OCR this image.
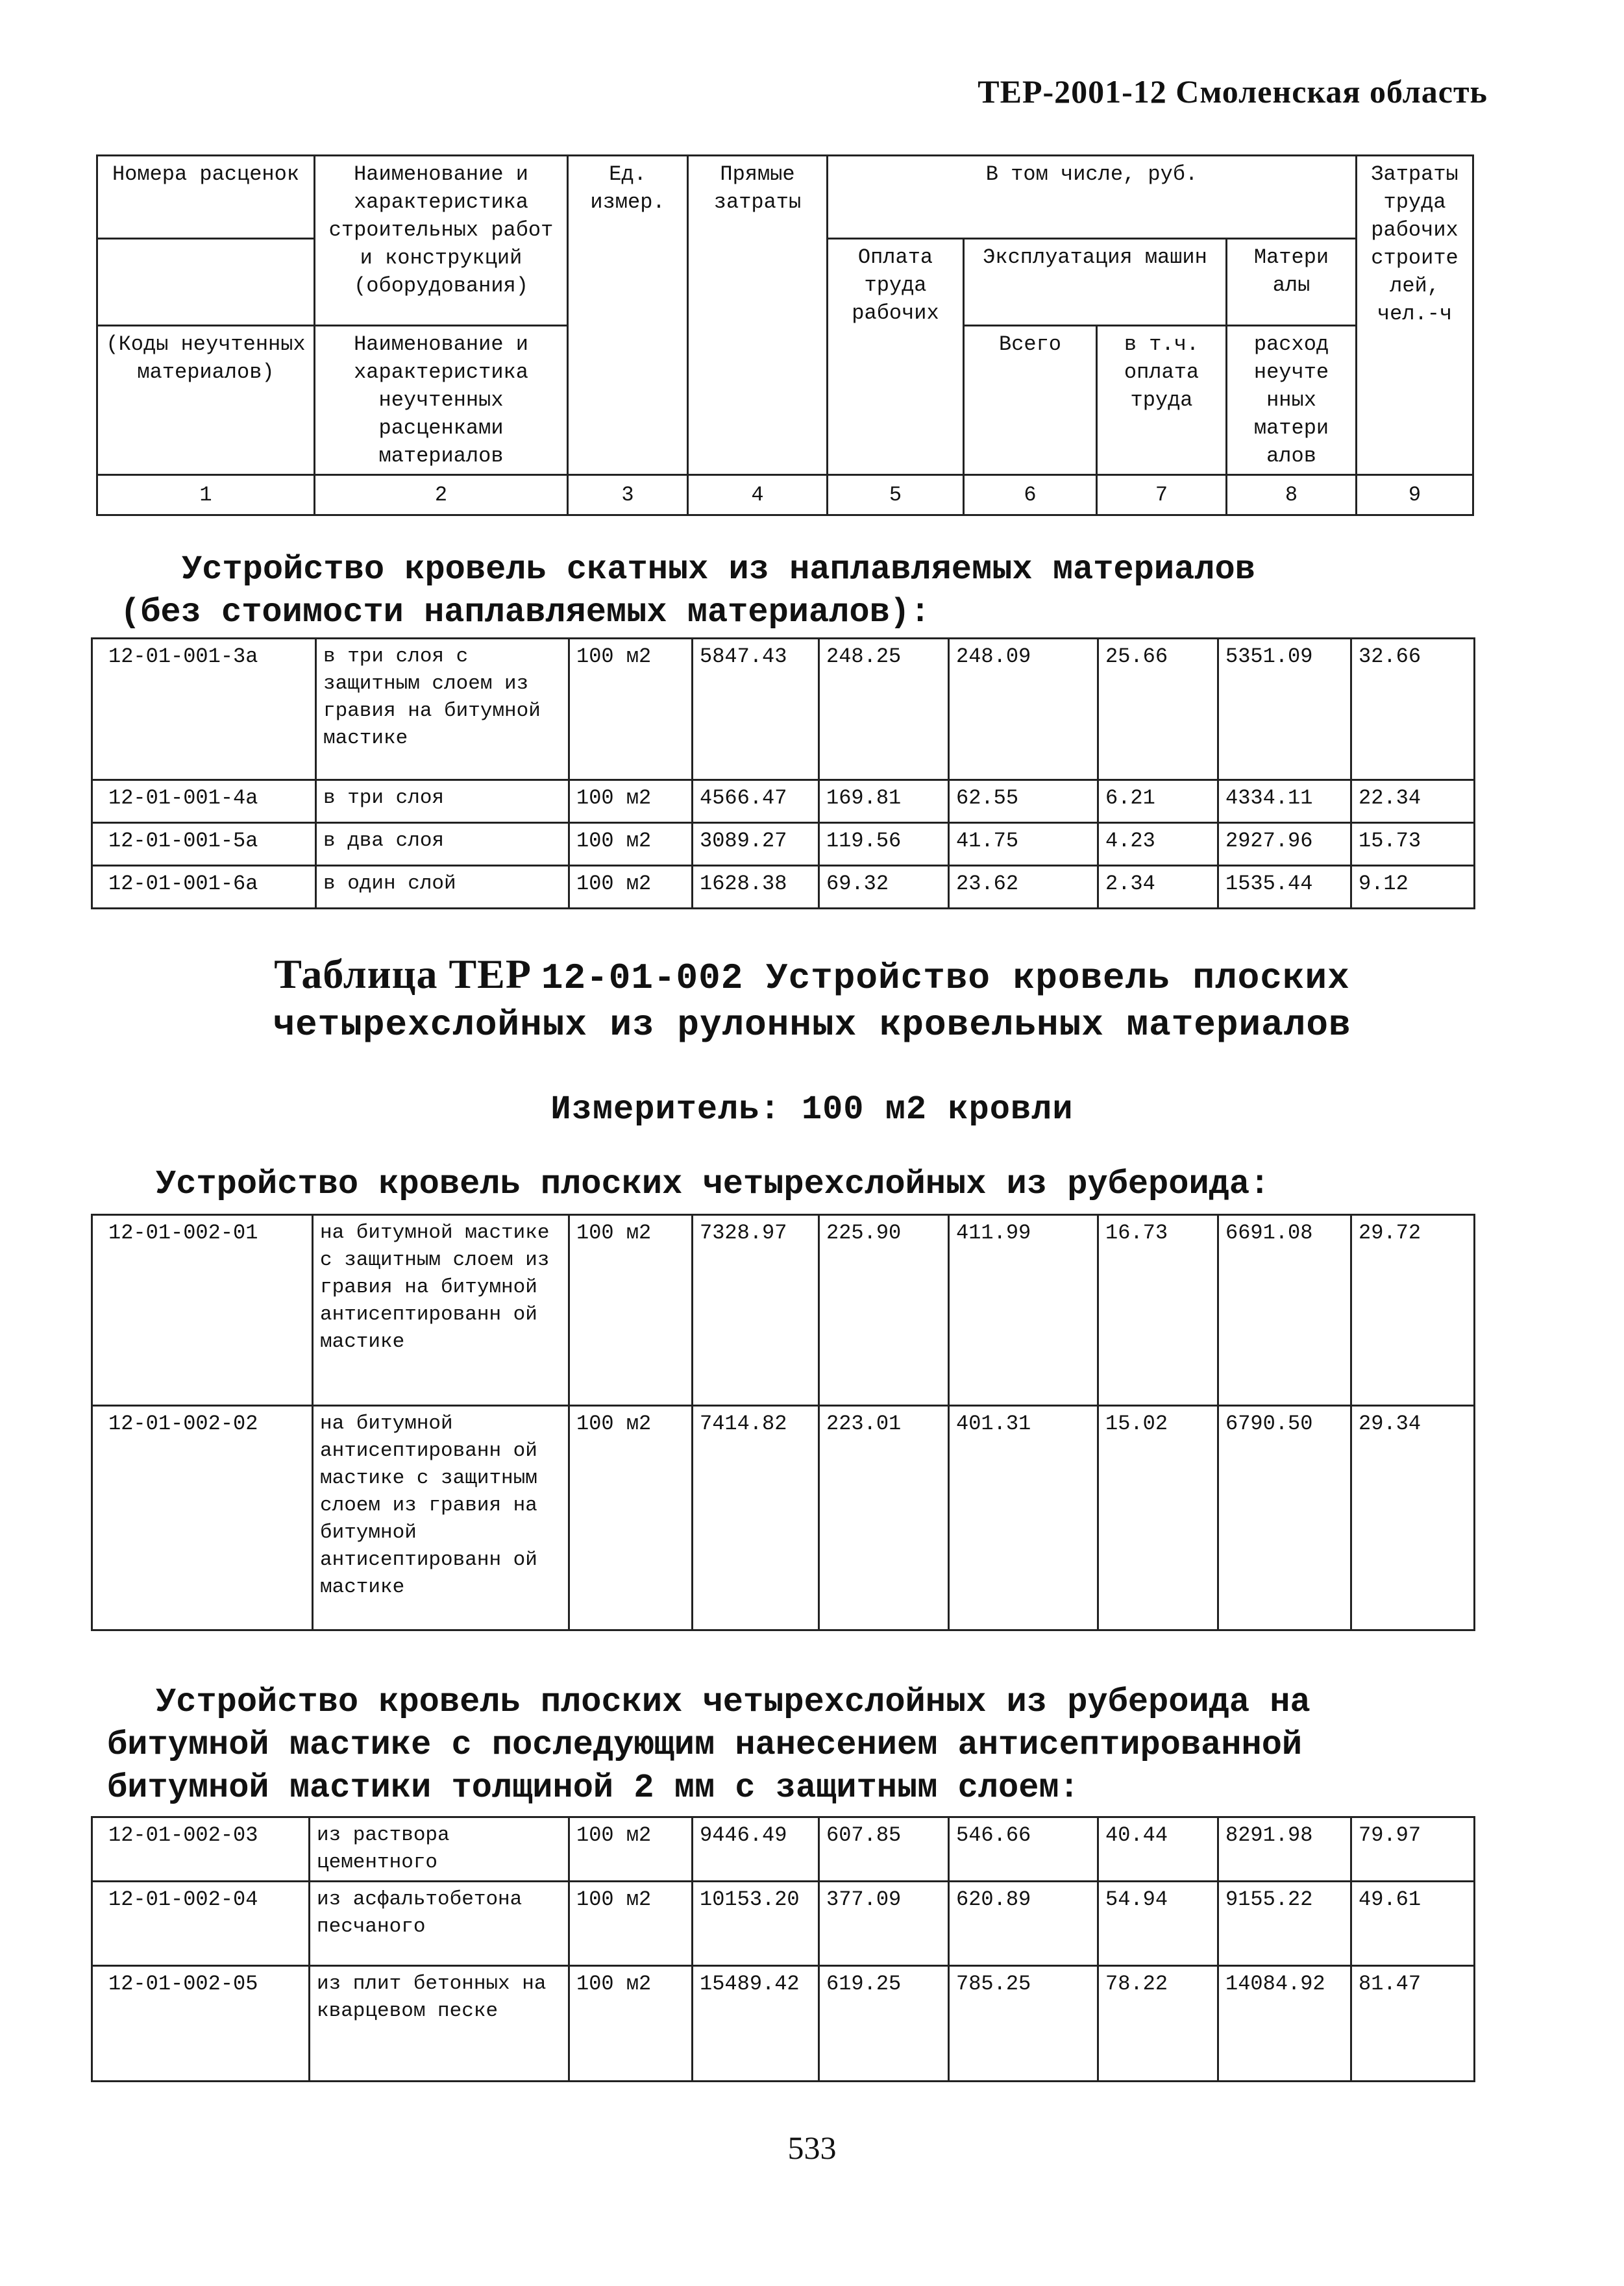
ТЕР-2001-12 Смоленская область
Номера расценок	Наименование и характеристика строительных работ и конструкций (оборудования)	Ед. измер.	Прямые затраты	В том числе, руб.				Затраты труда рабочих строите лей, чел.-ч
				Оплата труда рабочих	Эксплуатация машин		Матери алы	
(Коды неучтенных материалов)	Наименование и характеристика неучтенных расценками материалов				Всего	в т.ч. оплата труда	расход неучте нных матери алов	
1	2	3	4	5	6	7	8	9
Устройство кровель скатных из наплавляемых материалов
(без стоимости наплавляемых материалов):
12-01-001-3а	в три слоя с защитным слоем из гравия на битумной мастике	100 м2	5847.43	248.25	248.09	25.66	5351.09	32.66
12-01-001-4а	в три слоя	100 м2	4566.47	169.81	62.55	6.21	4334.11	22.34
12-01-001-5а	в два слоя	100 м2	3089.27	119.56	41.75	4.23	2927.96	15.73
12-01-001-6а	в один слой	100 м2	1628.38	69.32	23.62	2.34	1535.44	9.12
Таблица ТЕР 12-01-002 Устройство кровель плоских
четырехслойных из рулонных кровельных материалов
Измеритель: 100 м2 кровли
Устройство кровель плоских четырехслойных из рубероида:
12-01-002-01	на битумной мастике с защитным слоем из гравия на битумной антисептированн ой мастике	100 м2	7328.97	225.90	411.99	16.73	6691.08	29.72
12-01-002-02	на битумной антисептированн ой мастике с защитным слоем из гравия на битумной антисептированн ой мастике	100 м2	7414.82	223.01	401.31	15.02	6790.50	29.34
Устройство кровель плоских четырехслойных из рубероида на
битумной мастике с последующим нанесением антисептированной
битумной мастики толщиной 2 мм с защитным слоем:
12-01-002-03	из раствора цементного	100 м2	9446.49	607.85	546.66	40.44	8291.98	79.97
12-01-002-04	из асфальтобетона песчаного	100 м2	10153.20	377.09	620.89	54.94	9155.22	49.61
12-01-002-05	из плит бетонных на кварцевом песке	100 м2	15489.42	619.25	785.25	78.22	14084.92	81.47
533
